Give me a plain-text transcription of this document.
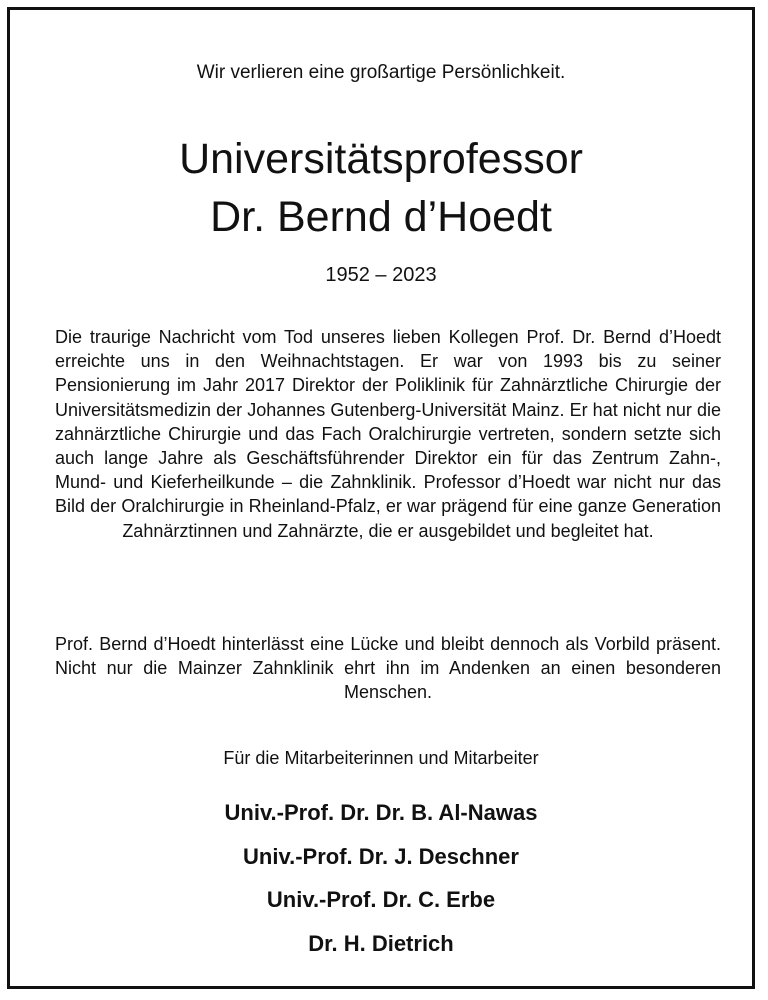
Wir verlieren eine großartige Persönlichkeit.
Universitätsprofessor
Dr. Bernd d’Hoedt
1952 – 2023
Die traurige Nachricht vom Tod unseres lieben Kollegen Prof. Dr. Bernd d’Hoedt erreichte uns in den Weihnachtstagen. Er war von 1993 bis zu seiner Pensionierung im Jahr 2017 Direktor der Poliklinik für Zahnärztliche Chirurgie der Universitätsmedizin der Johannes Gutenberg-Universität Mainz. Er hat nicht nur die zahnärztliche Chirurgie und das Fach Oralchirurgie vertreten, sondern setzte sich auch lange Jahre als Geschäftsführender Direktor ein für das Zentrum Zahn-, Mund- und Kieferheilkunde – die Zahnklinik. Professor d’Hoedt war nicht nur das Bild der Oralchirurgie in Rheinland-Pfalz, er war prägend für eine ganze Generation Zahnärztinnen und Zahnärzte, die er ausgebildet und begleitet hat.
Prof. Bernd d’Hoedt hinterlässt eine Lücke und bleibt dennoch als Vorbild präsent. Nicht nur die Mainzer Zahnklinik ehrt ihn im Andenken an einen besonderen Menschen.
Für die Mitarbeiterinnen und Mitarbeiter
Univ.-Prof. Dr. Dr. B. Al-Nawas
Univ.-Prof. Dr. J. Deschner
Univ.-Prof. Dr. C. Erbe
Dr. H. Dietrich
